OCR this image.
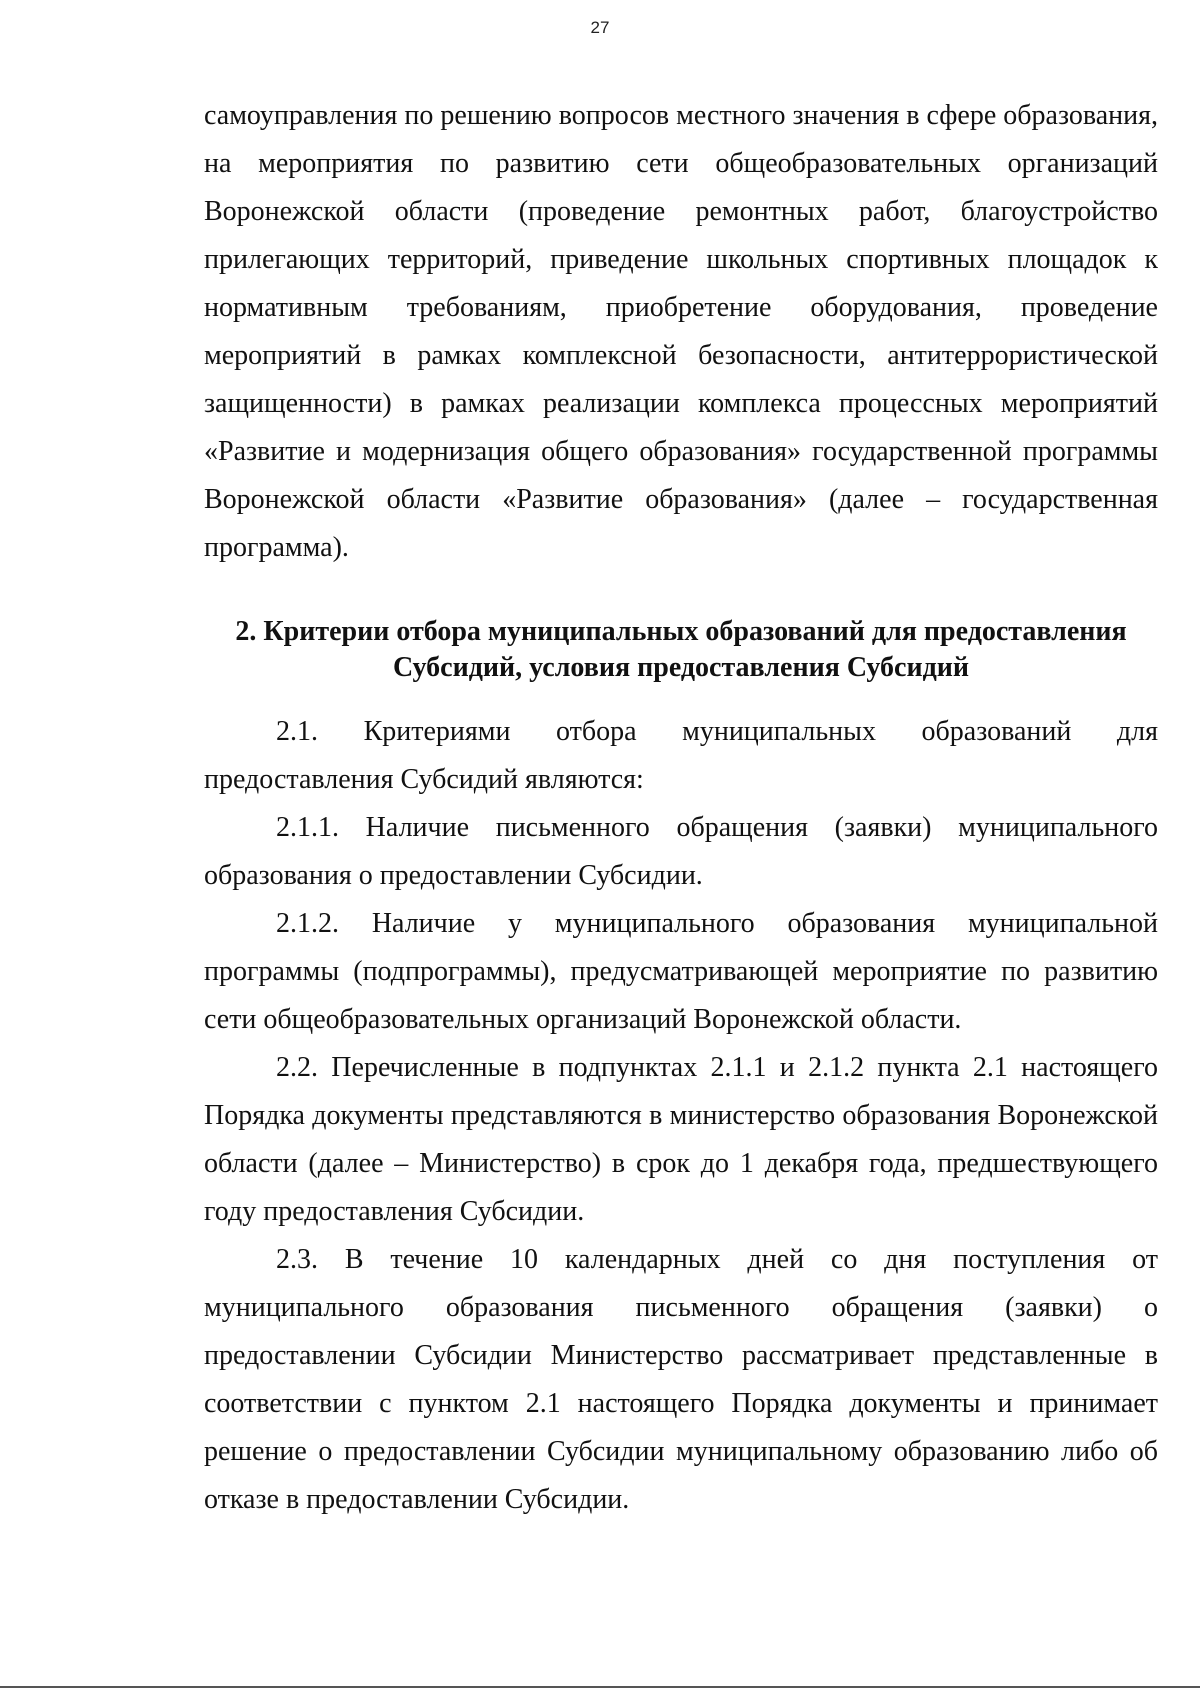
27

самоуправления по решению вопросов местного значения в сфере образования, на мероприятия по развитию сети общеобразовательных организаций Воронежской области (проведение ремонтных работ, благоустройство прилегающих территорий, приведение школьных спортивных площадок к нормативным требованиям, приобретение оборудования, проведение мероприятий в рамках комплексной безопасности, антитеррористической защищенности) в рамках реализации комплекса процессных мероприятий «Развитие и модернизация общего образования» государственной программы Воронежской области «Развитие образования» (далее – государственная программа).

2. Критерии отбора муниципальных образований для предоставления
Субсидий, условия предоставления Субсидий

2.1. Критериями отбора муниципальных образований для предоставления Субсидий являются:

2.1.1. Наличие письменного обращения (заявки) муниципального образования о предоставлении Субсидии.

2.1.2. Наличие у муниципального образования муниципальной программы (подпрограммы), предусматривающей мероприятие по развитию сети общеобразовательных организаций Воронежской области.

2.2. Перечисленные в подпунктах 2.1.1 и 2.1.2 пункта 2.1 настоящего Порядка документы представляются в министерство образования Воронежской области (далее – Министерство) в срок до 1 декабря года, предшествующего году предоставления Субсидии.

2.3. В течение 10 календарных дней со дня поступления от муниципального образования письменного обращения (заявки) о предоставлении Субсидии Министерство рассматривает представленные в соответствии с пунктом 2.1 настоящего Порядка документы и принимает решение о предоставлении Субсидии муниципальному образованию либо об отказе в предоставлении Субсидии.
